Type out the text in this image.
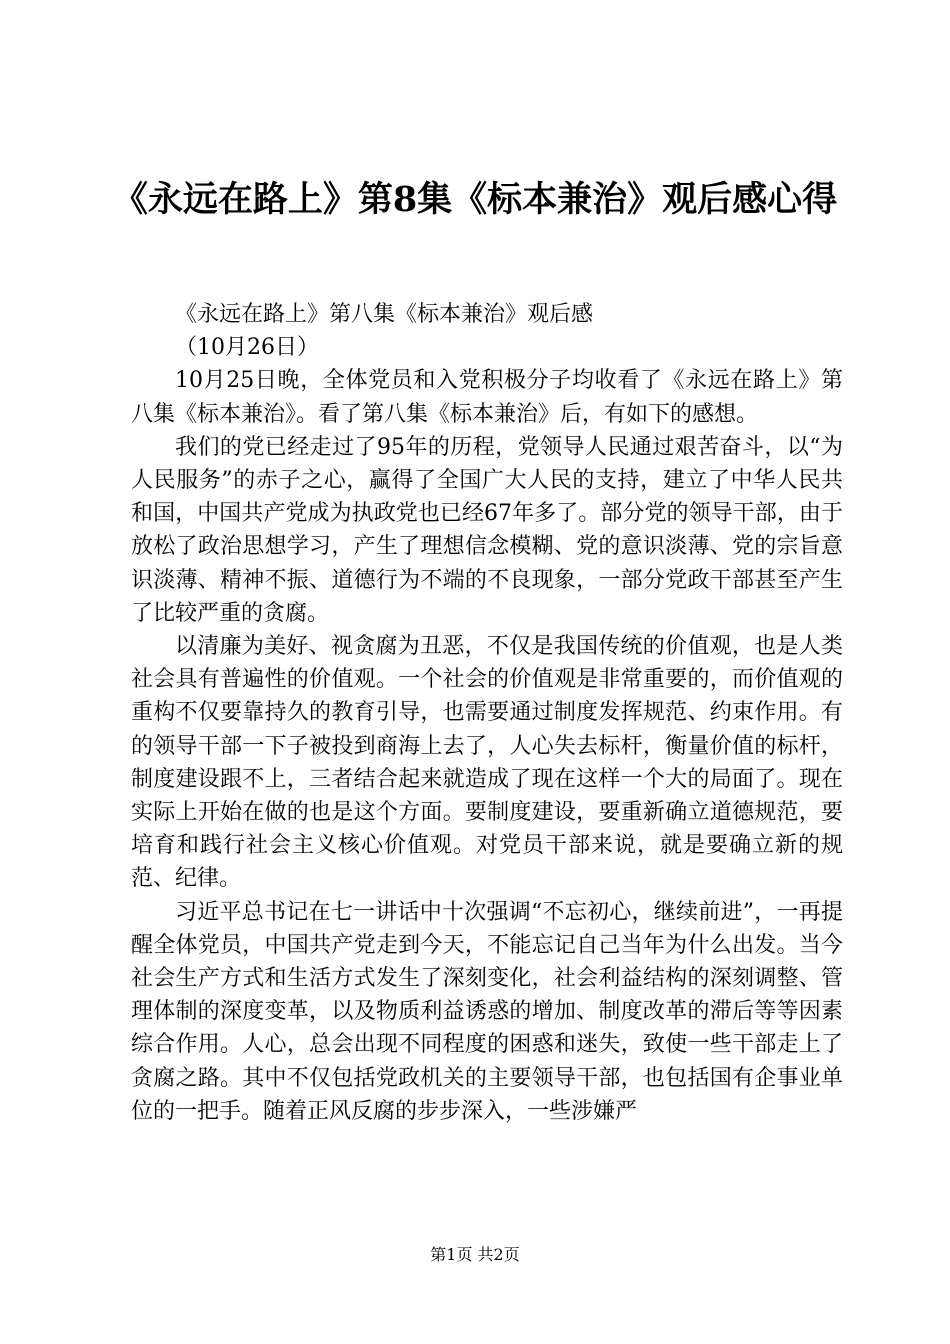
《永远在路上》第8集《标本兼治》观后感心得

《永远在路上》第八集《标本兼治》观后感

（10月26日）

10月25日晚，全体党员和入党积极分子均收看了《永远在路上》第八集《标本兼治》。看了第八集《标本兼治》后，有如下的感想。

我们的党已经走过了95年的历程，党领导人民通过艰苦奋斗，以“为人民服务”的赤子之心，赢得了全国广大人民的支持，建立了中华人民共和国，中国共产党成为执政党也已经67年多了。部分党的领导干部，由于放松了政治思想学习，产生了理想信念模糊、党的意识淡薄、党的宗旨意识淡薄、精神不振、道德行为不端的不良现象，一部分党政干部甚至产生了比较严重的贪腐。

以清廉为美好、视贪腐为丑恶，不仅是我国传统的价值观，也是人类社会具有普遍性的价值观。一个社会的价值观是非常重要的，而价值观的重构不仅要靠持久的教育引导，也需要通过制度发挥规范、约束作用。有的领导干部一下子被投到商海上去了，人心失去标杆，衡量价值的标杆，制度建设跟不上，三者结合起来就造成了现在这样一个大的局面了。现在实际上开始在做的也是这个方面。要制度建设，要重新确立道德规范，要培育和践行社会主义核心价值观。对党员干部来说，就是要确立新的规范、纪律。

习近平总书记在七一讲话中十次强调“不忘初心，继续前进”，一再提醒全体党员，中国共产党走到今天，不能忘记自己当年为什么出发。当今社会生产方式和生活方式发生了深刻变化，社会利益结构的深刻调整、管理体制的深度变革，以及物质利益诱惑的增加、制度改革的滞后等等因素综合作用。人心，总会出现不同程度的困惑和迷失，致使一些干部走上了贪腐之路。其中不仅包括党政机关的主要领导干部，也包括国有企事业单位的一把手。随着正风反腐的步步深入，一些涉嫌严

第1页 共2页
